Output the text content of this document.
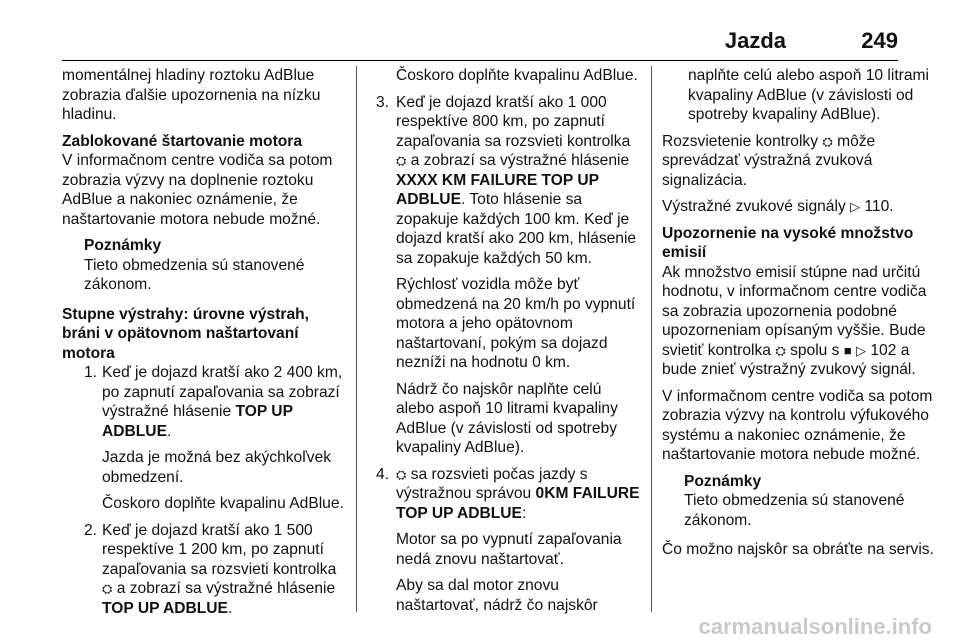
Jazda	249

momentálnej hladiny roztoku AdBlue zobrazia ďalšie upozornenia na nízku hladinu.

Zablokované štartovanie motora

V informačnom centre vodiča sa potom zobrazia výzvy na doplnenie roztoku AdBlue a nakoniec oznámenie, že naštartovanie motora nebude možné.

Poznámky
Tieto obmedzenia sú stanovené zákonom.

Stupne výstrahy: úrovne výstrah, bráni v opätovnom naštartovaní motora

1. Keď je dojazd kratší ako 2 400 km, po zapnutí zapaľovania sa zobrazí výstražné hlásenie TOP UP ADBLUE.

Jazda je možná bez akýchkoľvek obmedzení.

Čoskoro doplňte kvapalinu AdBlue.

2. Keď je dojazd kratší ako 1 500 respektíve 1 200 km, po zapnutí zapaľovania sa rozsvieti kontrolka ⛭ a zobrazí sa výstražné hlásenie TOP UP ADBLUE.

Čoskoro doplňte kvapalinu AdBlue.

3. Keď je dojazd kratší ako 1 000 respektíve 800 km, po zapnutí zapaľovania sa rozsvieti kontrolka ⛭ a zobrazí sa výstražné hlásenie XXXX KM FAILURE TOP UP ADBLUE. Toto hlásenie sa zopakuje každých 100 km. Keď je dojazd kratší ako 200 km, hlásenie sa zopakuje každých 50 km.

Rýchlosť vozidla môže byť obmedzená na 20 km/h po vypnutí motora a jeho opätovnom naštartovaní, pokým sa dojazd nezníži na hodnotu 0 km.

Nádrž čo najskôr naplňte celú alebo aspoň 10 litrami kvapaliny AdBlue (v závislosti od spotreby kvapaliny AdBlue).

4. ⛭ sa rozsvieti počas jazdy s výstražnou správou 0KM FAILURE TOP UP ADBLUE:

Motor sa po vypnutí zapaľovania nedá znovu naštartovať.

Aby sa dal motor znovu naštartovať, nádrž čo najskôr

naplňte celú alebo aspoň 10 litrami kvapaliny AdBlue (v závislosti od spotreby kvapaliny AdBlue).

Rozsvietenie kontrolky ⛭ môže sprevádzať výstražná zvuková signalizácia.

Výstražné zvukové signály ▷ 110.

Upozornenie na vysoké množstvo emisií

Ak množstvo emisií stúpne nad určitú hodnotu, v informačnom centre vodiča sa zobrazia upozornenia podobné upozorneniam opísaným vyššie. Bude svietiť kontrolka ⛭ spolu s ■ ▷ 102 a bude znieť výstražný zvukový signál.

V informačnom centre vodiča sa potom zobrazia výzvy na kontrolu výfukového systému a nakoniec oznámenie, že naštartovanie motora nebude možné.

Poznámky
Tieto obmedzenia sú stanovené zákonom.

Čo možno najskôr sa obráťte na servis.

carmanualsonline.info
